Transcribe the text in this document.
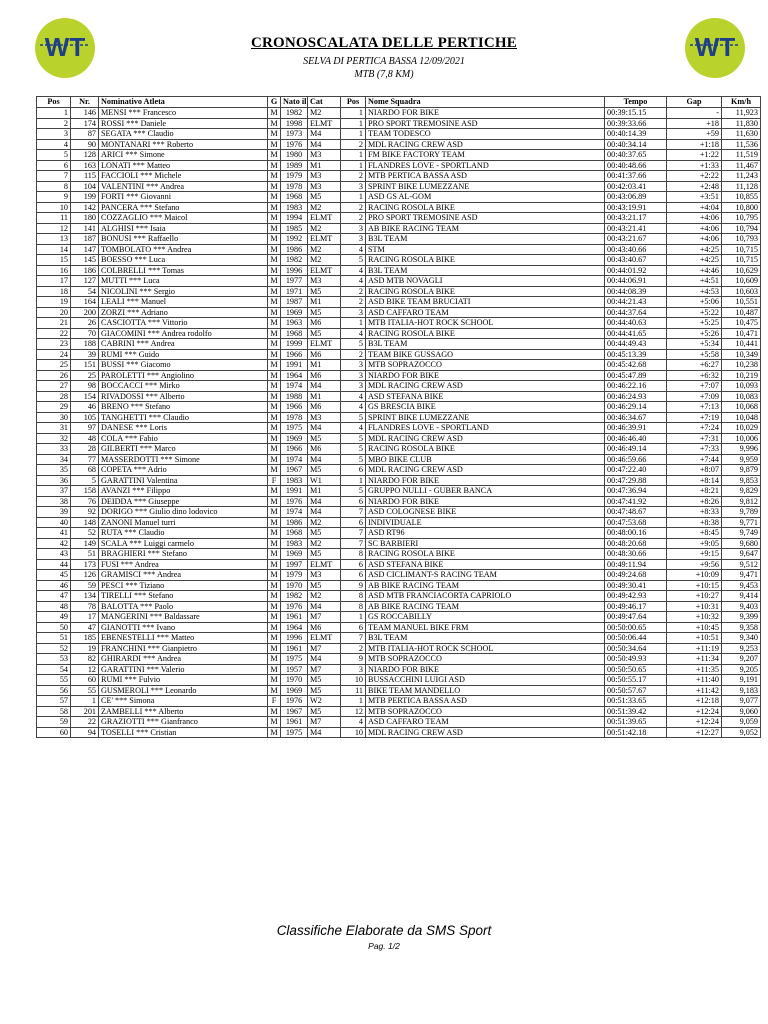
WT	WT
CRONOSCALATA DELLE PERTICHE
SELVA DI PERTICA BASSA 12/09/2021
MTB (7,8 KM)
Pos	Nr.	Nominativo Atleta	G	Nato il	Cat	Pos	Nome Squadra	Tempo	Gap	Km/h
1	146	MENSI *** Francesco	M	1982	M2	1	NIARDO FOR BIKE	00:39:15.15	-	11,923
2	174	ROSSI *** Daniele	M	1998	ELMT	1	PRO SPORT TREMOSINE ASD	00:39:33.66	+18	11,830
3	87	SEGATA *** Claudio	M	1973	M4	1	TEAM TODESCO	00:40:14.39	+59	11,630
4	90	MONTANARI *** Roberto	M	1976	M4	2	MDL RACING CREW ASD	00:40:34.14	+1:18	11,536
5	128	ARICI *** Simone	M	1980	M3	1	FM BIKE FACTORY TEAM	00:40:37.65	+1:22	11,519
6	163	LONATI *** Matteo	M	1989	M1	1	FLANDRES LOVE - SPORTLAND	00:40:48.66	+1:33	11,467
7	115	FACCIOLI *** Michele	M	1979	M3	2	MTB PERTICA BASSA ASD	00:41:37.66	+2:22	11,243
8	104	VALENTINI *** Andrea	M	1978	M3	3	SPRINT BIKE LUMEZZANE	00:42:03.41	+2:48	11,128
9	199	FORTI *** Giovanni	M	1968	M5	1	ASD GS AL-GOM	00:43:06.89	+3:51	10,855
10	142	PANCERA *** Stefano	M	1983	M2	2	RACING ROSOLA BIKE	00:43:19.91	+4:04	10,800
11	180	COZZAGLIO *** Maicol	M	1994	ELMT	2	PRO SPORT TREMOSINE ASD	00:43:21.17	+4:06	10,795
12	141	ALGHISI *** Isaia	M	1985	M2	3	AB BIKE RACING TEAM	00:43:21.41	+4:06	10,794
13	187	BONUSI *** Raffaello	M	1992	ELMT	3	B3L TEAM	00:43:21.67	+4:06	10,793
14	147	TOMBOLATO *** Andrea	M	1986	M2	4	STM	00:43:40.66	+4:25	10,715
15	145	BOESSO *** Luca	M	1982	M2	5	RACING ROSOLA BIKE	00:43:40.67	+4:25	10,715
16	186	COLBRELLI *** Tomas	M	1996	ELMT	4	B3L TEAM	00:44:01.92	+4:46	10,629
17	127	MUTTI *** Luca	M	1977	M3	4	ASD MTB NOVAGLI	00:44:06.91	+4:51	10,609
18	54	NICOLINI *** Sergio	M	1971	M5	2	RACING ROSOLA BIKE	00:44:08.39	+4:53	10,603
19	164	LEALI *** Manuel	M	1987	M1	2	ASD BIKE TEAM BRUCIATI	00:44:21.43	+5:06	10,551
20	200	ZORZI *** Adriano	M	1969	M5	3	ASD CAFFARO TEAM	00:44:37.64	+5:22	10,487
21	26	CASCIOTTA *** Vittorio	M	1963	M6	1	MTB ITALIA-HOT ROCK SCHOOL	00:44:40.63	+5:25	10,475
22	70	GIACOMINI *** Andrea rodolfo	M	1968	M5	4	RACING ROSOLA BIKE	00:44:41.65	+5:26	10,471
23	188	CABRINI *** Andrea	M	1999	ELMT	5	B3L TEAM	00:44:49.43	+5:34	10,441
24	39	RUMI *** Guido	M	1966	M6	2	TEAM BIKE GUSSAGO	00:45:13.39	+5:58	10,349
25	151	BUSSI *** Giacomo	M	1991	M1	3	MTB SOPRAZOCCO	00:45:42.68	+6:27	10,238
26	25	PAROLETTI *** Angiolino	M	1964	M6	3	NIARDO FOR BIKE	00:45:47.89	+6:32	10,219
27	98	BOCCACCI *** Mirko	M	1974	M4	3	MDL RACING CREW ASD	00:46:22.16	+7:07	10,093
28	154	RIVADOSSI *** Alberto	M	1988	M1	4	ASD STEFANA BIKE	00:46:24.93	+7:09	10,083
29	46	BRENO *** Stefano	M	1966	M6	4	GS BRESCIA BIKE	00:46:29.14	+7:13	10,068
30	105	TANGHETTI *** Claudio	M	1978	M3	5	SPRINT BIKE LUMEZZANE	00:46:34.67	+7:19	10,048
31	97	DANESE *** Loris	M	1975	M4	4	FLANDRES LOVE - SPORTLAND	00:46:39.91	+7:24	10,029
32	48	COLA *** Fabio	M	1969	M5	5	MDL RACING CREW ASD	00:46:46.40	+7:31	10,006
33	28	GILBERTI *** Marco	M	1966	M6	5	RACING ROSOLA BIKE	00:46:49.14	+7:33	9,996
34	77	MASSERDOTTI *** Simone	M	1974	M4	5	MBO BIKE CLUB	00:46:59.66	+7:44	9,959
35	68	COPETA *** Adrio	M	1967	M5	6	MDL RACING CREW ASD	00:47:22.40	+8:07	9,879
36	5	GARATTINI Valentina	F	1983	W1	1	NIARDO FOR BIKE	00:47:29.88	+8:14	9,853
37	158	AVANZI *** Filippo	M	1991	M1	5	GRUPPO NULLI - GUBER BANCA	00:47:36.94	+8:21	9,829
38	76	DEIDDA *** Giuseppe	M	1976	M4	6	NIARDO FOR BIKE	00:47:41.92	+8:26	9,812
39	92	DORIGO *** Giulio dino lodovico	M	1974	M4	7	ASD COLOGNESE BIKE	00:47:48.67	+8:33	9,789
40	148	ZANONI Manuel turri	M	1986	M2	6	INDIVIDUALE	00:47:53.68	+8:38	9,771
41	52	RUTA *** Claudio	M	1968	M5	7	ASD RT96	00:48:00.16	+8:45	9,749
42	149	SCALA *** Luiggi carmelo	M	1983	M2	7	SC BARBIERI	00:48:20.68	+9:05	9,680
43	51	BRAGHIERI *** Stefano	M	1969	M5	8	RACING ROSOLA BIKE	00:48:30.66	+9:15	9,647
44	173	FUSI *** Andrea	M	1997	ELMT	6	ASD STEFANA BIKE	00:49:11.94	+9:56	9,512
45	126	GRAMISCI *** Andrea	M	1979	M3	6	ASD CICLIMANT-S RACING TEAM	00:49:24.68	+10:09	9,471
46	59	PESCI *** Tiziano	M	1970	M5	9	AB BIKE RACING TEAM	00:49:30.41	+10:15	9,453
47	134	TIRELLI *** Stefano	M	1982	M2	8	ASD MTB FRANCIACORTA CAPRIOLO	00:49:42.93	+10:27	9,414
48	78	BALOTTA *** Paolo	M	1976	M4	8	AB BIKE RACING TEAM	00:49:46.17	+10:31	9,403
49	17	MANGERINI *** Baldassare	M	1961	M7	1	GS ROCCABILLY	00:49:47.64	+10:32	9,399
50	47	GIANOTTI *** Ivano	M	1964	M6	6	TEAM MANUEL BIKE FRM	00:50:00.65	+10:45	9,358
51	185	EBENESTELLI *** Matteo	M	1996	ELMT	7	B3L TEAM	00:50:06.44	+10:51	9,340
52	19	FRANCHINI *** Gianpietro	M	1961	M7	2	MTB ITALIA-HOT ROCK SCHOOL	00:50:34.64	+11:19	9,253
53	82	GHIRARDI *** Andrea	M	1975	M4	9	MTB SOPRAZOCCO	00:50:49.93	+11:34	9,207
54	12	GARATTINI *** Valerio	M	1957	M7	3	NIARDO FOR BIKE	00:50:50.65	+11:35	9,205
55	60	RUMI *** Fulvio	M	1970	M5	10	BUSSACCHINI LUIGI ASD	00:50:55.17	+11:40	9,191
56	55	GUSMEROLI *** Leonardo	M	1969	M5	11	BIKE TEAM MANDELLO	00:50:57.67	+11:42	9,183
57	1	CE' *** Simona	F	1976	W2	1	MTB PERTICA BASSA ASD	00:51:33.65	+12:18	9,077
58	201	ZAMBELLI *** Alberto	M	1967	M5	12	MTB SOPRAZOCCO	00:51:39.42	+12:24	9,060
59	22	GRAZIOTTI *** Gianfranco	M	1961	M7	4	ASD CAFFARO TEAM	00:51:39.65	+12:24	9,059
60	94	TOSELLI *** Cristian	M	1975	M4	10	MDL RACING CREW ASD	00:51:42.18	+12:27	9,052
Classifiche Elaborate da SMS Sport
Pag. 1/2
